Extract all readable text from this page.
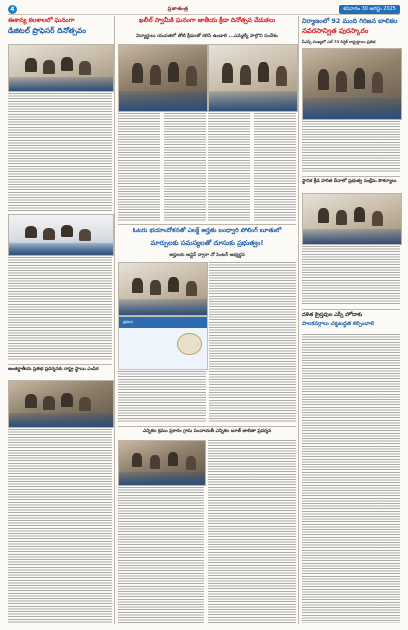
4	ప్రజాతంత్ర	శనివారం 30 ఆగస్టు 2025
ఈశాన్య కలశాలలో ఘనంగా
డిజిటల్ ప్రొఫెసర్ దినోత్సవం
అంతర్జాతీయ ప్రతిభ ప్రదర్శనకు రాష్ట్ర స్థాయి ఎంపిక
ఖలీల్ స్వామీకి ఘనంగా జాతీయ క్రీడా దినోత్సవ వేడుకలు
విద్యార్థులు యువతలో తోటి క్రీడలతో కలిసి ఉండాలి ...ఎమ్మెల్యే పాల్గొని సందేశం
ఓటరు భయాందోళనతో ఎలక్ట్ అర్హతు బంధ్వారి పోలింగ్ బూతులో
మార్పులకు సమస్యలతో దూసుకు ప్రభుత్వం!
అర్హులకు ఆన్లైన్ ద్వారా నో సెంటర్ అభ్యర్థన
ప్రకటన
ఎన్నికల క్రమం ప్రకారం గ్రామ పంచాయతీ ఎన్నికల బూత్ జాబితా ప్రదర్శన
నిర్మాణంలో 92 మంది గిరిజన బాలికల
నవరసాన్విత పురస్కారం
పీఎస్సీ సంఖ్యలో ఎల్ 75 సిద్ధిక్ రాష్ట్రస్థాయి ప్రతిభ
స్థానిక క్రీడ హరిత దీనాలో ప్రభుత్వ సంక్షేమ సౌకర్యాలు
దళిత క్రైస్తవుల ఎస్సీ హోదాకు
పాలకవర్గాలు చట్టబద్ధత కల్పించాలి
